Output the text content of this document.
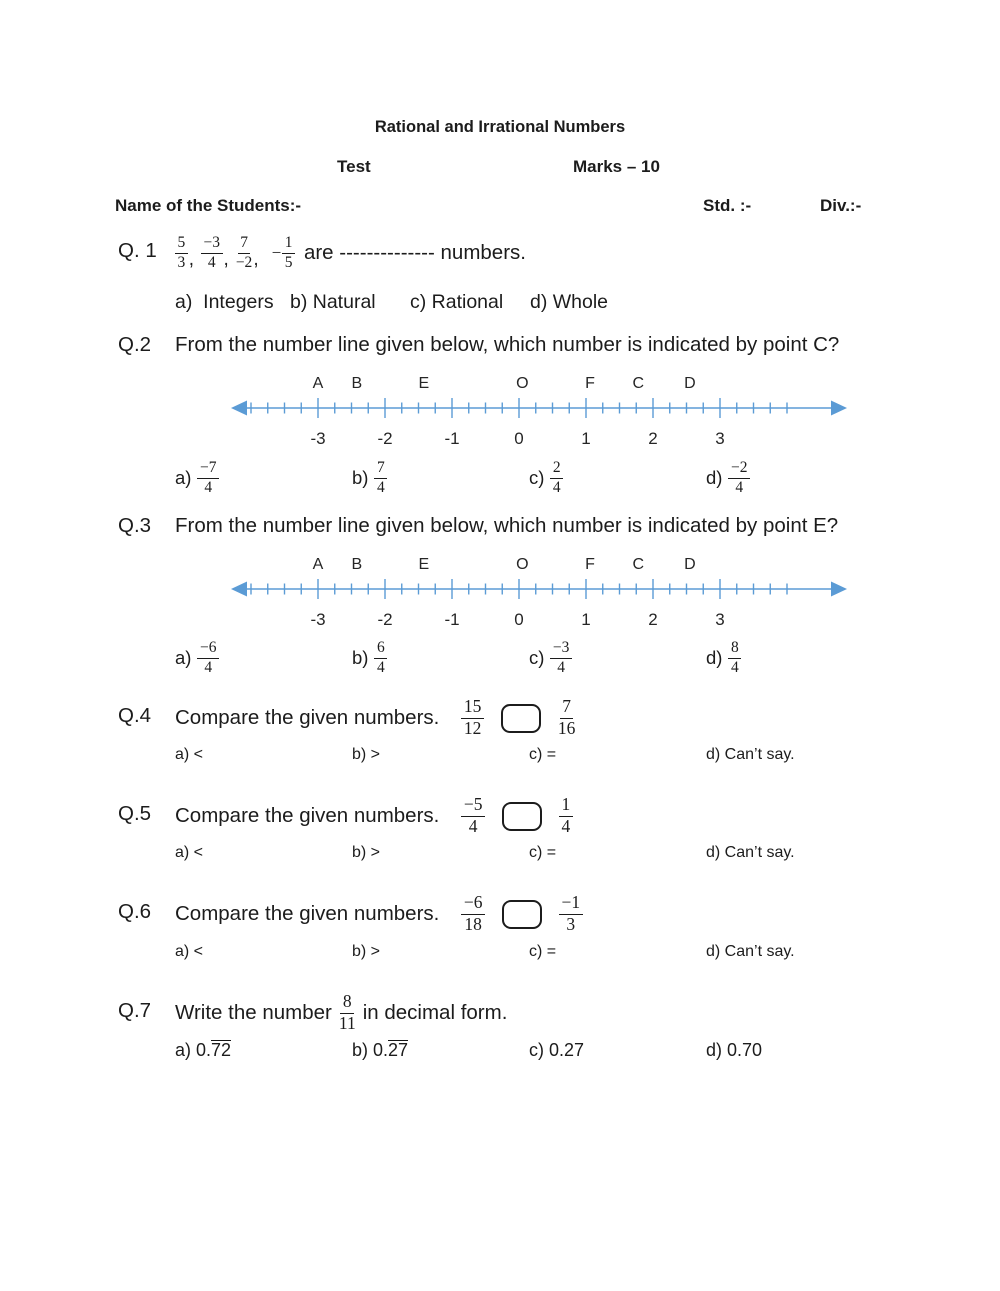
Rational and Irrational Numbers
Test	Marks – 10
Name of the Students:-	Std. :-	Div.:-
Q. $1 \frac{5}{3}$ , $\frac{-3}{4}$ , $\frac{7}{-2}$ , − $\frac{1}{5}$ are -------------- numbers.
a)  Integers b) Natural	c) Rational	d) Whole
Q.2 From the number line given below, which number is indicated by point C?
A B	E	O	F C	D
-3	-2	-1	0	1	2	3
$a) \frac{-7}{4}$	$b) \frac{7}{4}$	$c) \frac{2}{4}$	$d) \frac{-2}{4}$
Q.3 From the number line given below, which number is indicated by point E?
A B	E	O	F C	D
-3	-2	-1	0	1	2	3
$a) \frac{-6}{4}$	$b) \frac{6}{4}$	$c) \frac{-3}{4}$	$d) \frac{8}{4}$
Q.4 Compare the given numbers. $\frac{15}{12}$	$\frac{7}{16}$
a) <	b) >	c) =	d) Can’t say.
Q.5 Compare the given numbers. $\frac{-5}{4}$	$\frac{1}{4}$
a) <	b) >	c) =	d) Can’t say.
Q.6 Compare the given numbers. $\frac{-6}{18}$	$\frac{-1}{3}$
a) <	b) >	c) =	d) Can’t say.
Q.7 Write the number $\frac{8}{11}$ in decimal form.
a) 0.72	b) 0.27	c) 0.27	d) 0.70
